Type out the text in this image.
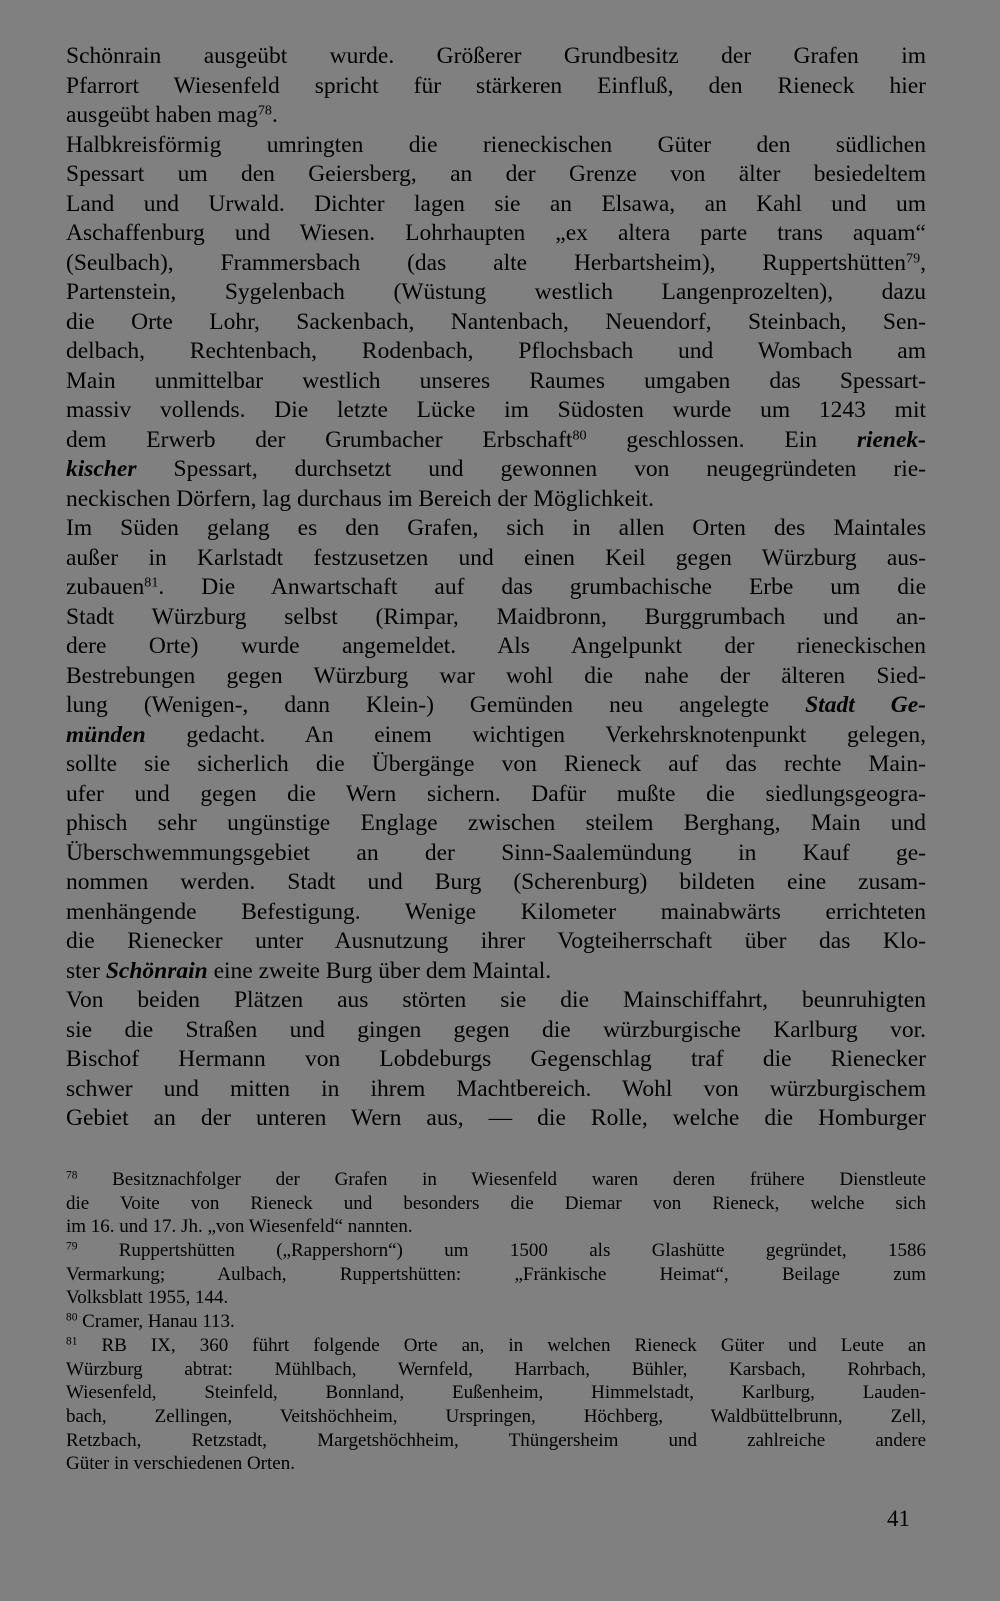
Schönrain ausgeübt wurde. Größerer Grundbesitz der Grafen im
Pfarrort Wiesenfeld spricht für stärkeren Einfluß, den Rieneck hier
ausgeübt haben mag$^{78}$.
Halbkreisförmig umringten die rieneckischen Güter den südlichen
Spessart um den Geiersberg, an der Grenze von älter besiedeltem
Land und Urwald. Dichter lagen sie an Elsawa, an Kahl und um
Aschaffenburg und Wiesen. Lohrhaupten „ex altera parte trans aquam“
(Seulbach), Frammersbach (das alte Herbartsheim), Ruppertshütten$^{79}$,
Partenstein, Sygelenbach (Wüstung westlich Langenprozelten), dazu
die Orte Lohr, Sackenbach, Nantenbach, Neuendorf, Steinbach, Sen-
delbach, Rechtenbach, Rodenbach, Pflochsbach und Wombach am
Main unmittelbar westlich unseres Raumes umgaben das Spessart-
massiv vollends. Die letzte Lücke im Südosten wurde um 1243 mit
dem Erwerb der Grumbacher Erbschaft$^{80}$ geschlossen. Ein rienek-
kischer Spessart, durchsetzt und gewonnen von neugegründeten rie-
neckischen Dörfern, lag durchaus im Bereich der Möglichkeit.
Im Süden gelang es den Grafen, sich in allen Orten des Maintales
außer in Karlstadt festzusetzen und einen Keil gegen Würzburg aus-
zubauen$^{81}$. Die Anwartschaft auf das grumbachische Erbe um die
Stadt Würzburg selbst (Rimpar, Maidbronn, Burggrumbach und an-
dere Orte) wurde angemeldet. Als Angelpunkt der rieneckischen
Bestrebungen gegen Würzburg war wohl die nahe der älteren Sied-
lung (Wenigen-, dann Klein-) Gemünden neu angelegte Stadt Ge-
münden gedacht. An einem wichtigen Verkehrsknotenpunkt gelegen,
sollte sie sicherlich die Übergänge von Rieneck auf das rechte Main-
ufer und gegen die Wern sichern. Dafür mußte die siedlungsgeogra-
phisch sehr ungünstige Englage zwischen steilem Berghang, Main und
Überschwemmungsgebiet an der Sinn-Saalemündung in Kauf ge-
nommen werden. Stadt und Burg (Scherenburg) bildeten eine zusam-
menhängende Befestigung. Wenige Kilometer mainabwärts errichteten
die Rienecker unter Ausnutzung ihrer Vogteiherrschaft über das Klo-
ster Schönrain eine zweite Burg über dem Maintal.
Von beiden Plätzen aus störten sie die Mainschiffahrt, beunruhigten
sie die Straßen und gingen gegen die würzburgische Karlburg vor.
Bischof Hermann von Lobdeburgs Gegenschlag traf die Rienecker
schwer und mitten in ihrem Machtbereich. Wohl von würzburgischem
Gebiet an der unteren Wern aus, — die Rolle, welche die Homburger
$^{78}$ Besitznachfolger der Grafen in Wiesenfeld waren deren frühere Dienstleute
die Voite von Rieneck und besonders die Diemar von Rieneck, welche sich
im 16. und 17. Jh. „von Wiesenfeld“ nannten.
$^{79}$ Ruppertshütten („Rappershorn“) um 1500 als Glashütte gegründet, 1586
Vermarkung; Aulbach, Ruppertshütten: „Fränkische Heimat“, Beilage zum
Volksblatt 1955, 144.
$^{80}$ Cramer, Hanau 113.
$^{81}$ RB IX, 360 führt folgende Orte an, in welchen Rieneck Güter und Leute an
Würzburg abtrat: Mühlbach, Wernfeld, Harrbach, Bühler, Karsbach, Rohrbach,
Wiesenfeld, Steinfeld, Bonnland, Eußenheim, Himmelstadt, Karlburg, Lauden-
bach, Zellingen, Veitshöchheim, Urspringen, Höchberg, Waldbüttelbrunn, Zell,
Retzbach, Retzstadt, Margetshöchheim, Thüngersheim und zahlreiche andere
Güter in verschiedenen Orten.
41
